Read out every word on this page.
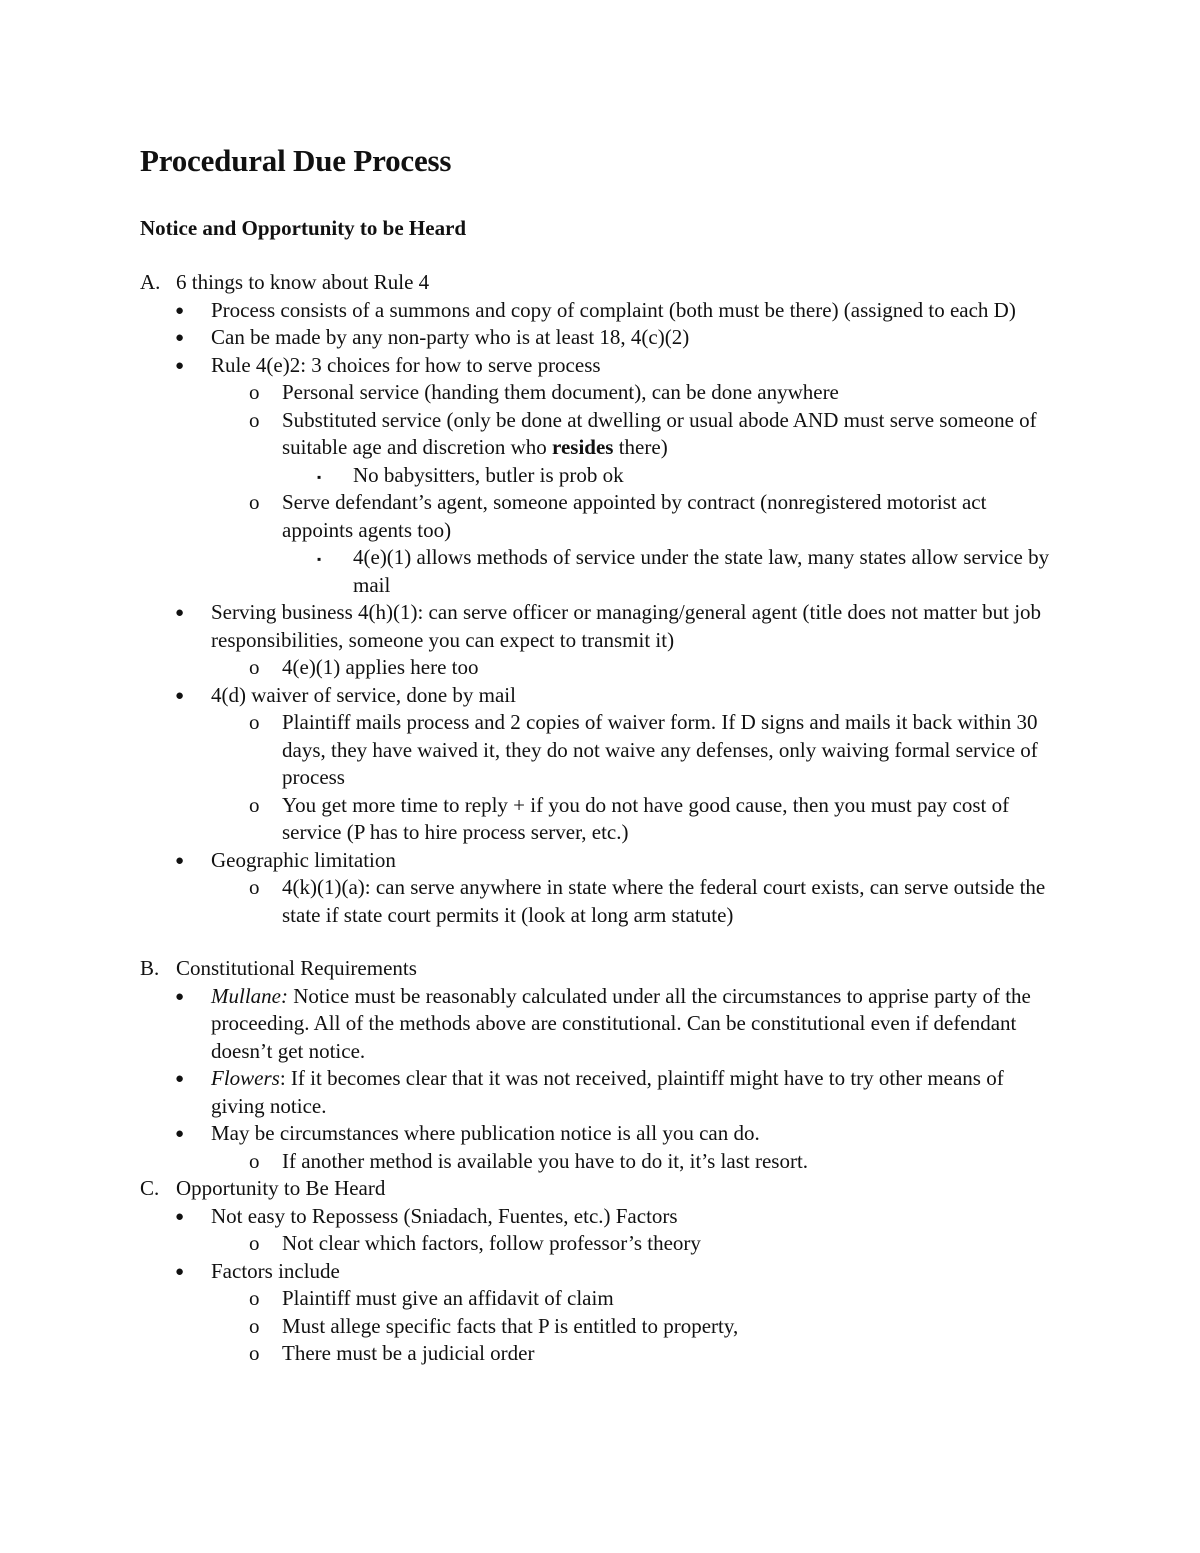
Procedural Due Process
Notice and Opportunity to be Heard
A. 6 things to know about Rule 4
● Process consists of a summons and copy of complaint (both must be there) (assigned to each D)
● Can be made by any non-party who is at least 18, 4(c)(2)
● Rule 4(e)2: 3 choices for how to serve process
o Personal service (handing them document), can be done anywhere
o Substituted service (only be done at dwelling or usual abode AND must serve someone of suitable age and discretion who resides there)
▪ No babysitters, butler is prob ok
o Serve defendant’s agent, someone appointed by contract (nonregistered motorist act appoints agents too)
▪ 4(e)(1) allows methods of service under the state law, many states allow service by mail
● Serving business 4(h)(1): can serve officer or managing/general agent (title does not matter but job responsibilities, someone you can expect to transmit it)
o 4(e)(1) applies here too
● 4(d) waiver of service, done by mail
o Plaintiff mails process and 2 copies of waiver form. If D signs and mails it back within 30 days, they have waived it, they do not waive any defenses, only waiving formal service of process
o You get more time to reply + if you do not have good cause, then you must pay cost of service (P has to hire process server, etc.)
● Geographic limitation
o 4(k)(1)(a): can serve anywhere in state where the federal court exists, can serve outside the state if state court permits it (look at long arm statute)
B. Constitutional Requirements
● Mullane: Notice must be reasonably calculated under all the circumstances to apprise party of the proceeding. All of the methods above are constitutional. Can be constitutional even if defendant doesn’t get notice.
● Flowers: If it becomes clear that it was not received, plaintiff might have to try other means of giving notice.
● May be circumstances where publication notice is all you can do.
o If another method is available you have to do it, it’s last resort.
C. Opportunity to Be Heard
● Not easy to Repossess (Sniadach, Fuentes, etc.) Factors
o Not clear which factors, follow professor’s theory
● Factors include
o Plaintiff must give an affidavit of claim
o Must allege specific facts that P is entitled to property,
o There must be a judicial order
